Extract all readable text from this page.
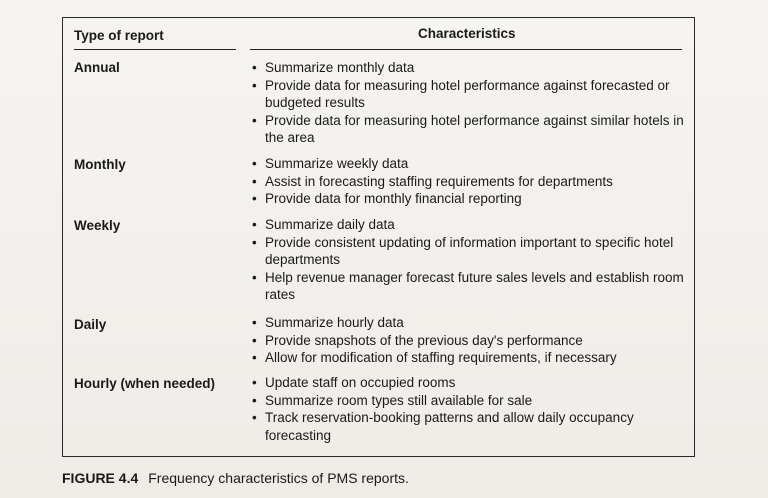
Type of report	Characteristics
Annual	• Summarize monthly data
• Provide data for measuring hotel performance against forecasted or budgeted results
• Provide data for measuring hotel performance against similar hotels in the area
Monthly	• Summarize weekly data
• Assist in forecasting staffing requirements for departments
• Provide data for monthly financial reporting
Weekly	• Summarize daily data
• Provide consistent updating of information important to specific hotel departments
• Help revenue manager forecast future sales levels and establish room rates
Daily	• Summarize hourly data
• Provide snapshots of the previous day's performance
• Allow for modification of staffing requirements, if necessary
Hourly (when needed)	• Update staff on occupied rooms
• Summarize room types still available for sale
• Track reservation-booking patterns and allow daily occupancy forecasting
FIGURE 4.4 Frequency characteristics of PMS reports.
